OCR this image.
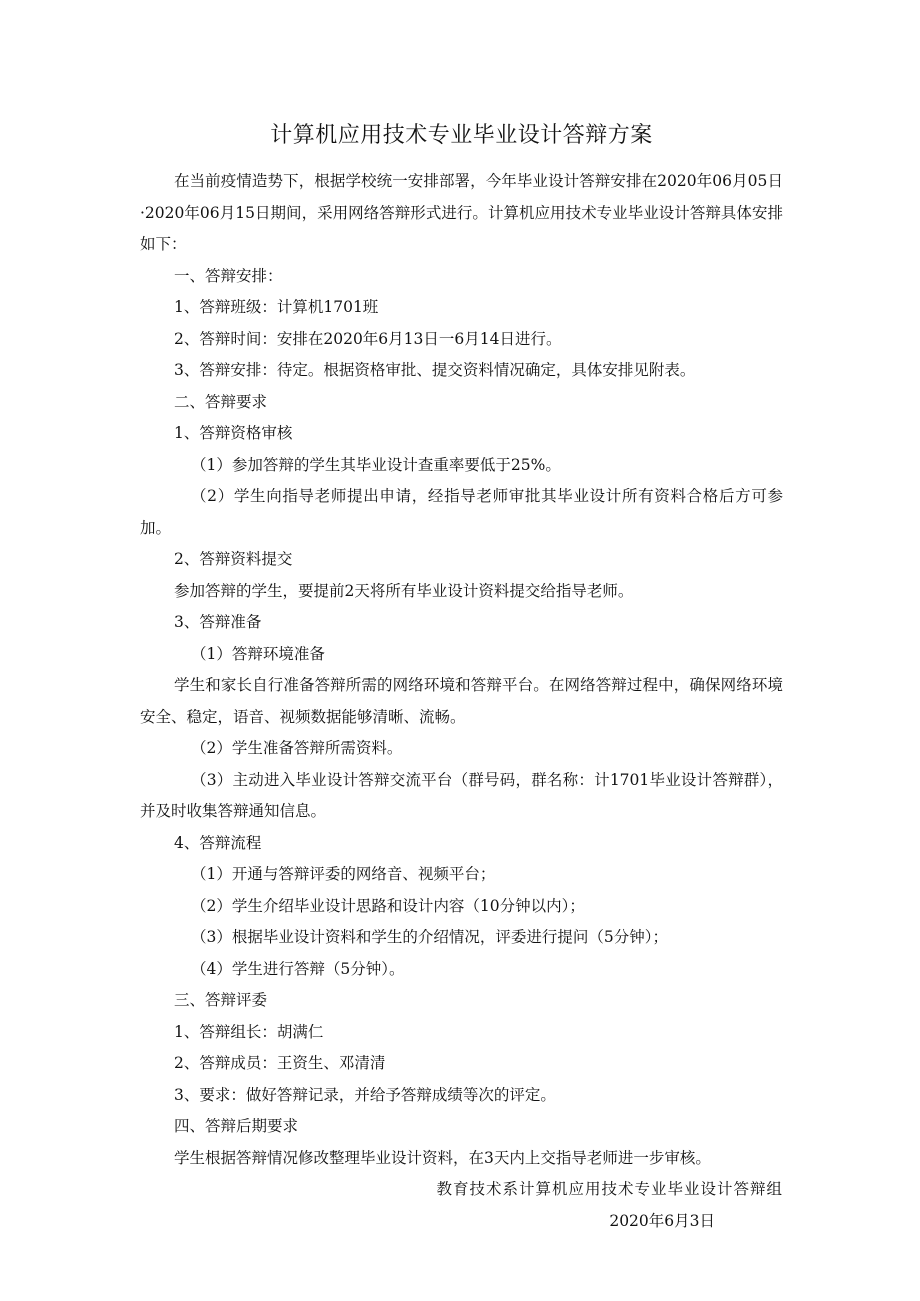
计算机应用技术专业毕业设计答辩方案

在当前疫情造势下，根据学校统一安排部署，今年毕业设计答辩安排在2020年06月05日·2020年06月15日期间，采用网络答辩形式进行。计算机应用技术专业毕业设计答辩具体安排如下：

一、答辩安排：

1、答辩班级：计算机1701班

2、答辩时间：安排在2020年6月13日一6月14日进行。

3、答辩安排：待定。根据资格审批、提交资料情况确定，具体安排见附表。

二、答辩要求

1、答辩资格审核

（1）参加答辩的学生其毕业设计查重率要低于25%。

（2）学生向指导老师提出申请，经指导老师审批其毕业设计所有资料合格后方可参加。

2、答辩资料提交

参加答辩的学生，要提前2天将所有毕业设计资料提交给指导老师。

3、答辩准备

（1）答辩环境准备

学生和家长自行准备答辩所需的网络环境和答辩平台。在网络答辩过程中，确保网络环境安全、稳定，语音、视频数据能够清晰、流畅。

（2）学生准备答辩所需资料。

（3）主动进入毕业设计答辩交流平台（群号码，群名称：计1701毕业设计答辩群），并及时收集答辩通知信息。

4、答辩流程

（1）开通与答辩评委的网络音、视频平台；

（2）学生介绍毕业设计思路和设计内容（10分钟以内）；

（3）根据毕业设计资料和学生的介绍情况，评委进行提问（5分钟）；

（4）学生进行答辩（5分钟）。

三、答辩评委

1、答辩组长：胡满仁

2、答辩成员：王资生、邓清清

3、要求：做好答辩记录，并给予答辩成绩等次的评定。

四、答辩后期要求

学生根据答辩情况修改整理毕业设计资料，在3天内上交指导老师进一步审核。

教育技术系计算机应用技术专业毕业设计答辩组

2020年6月3日
